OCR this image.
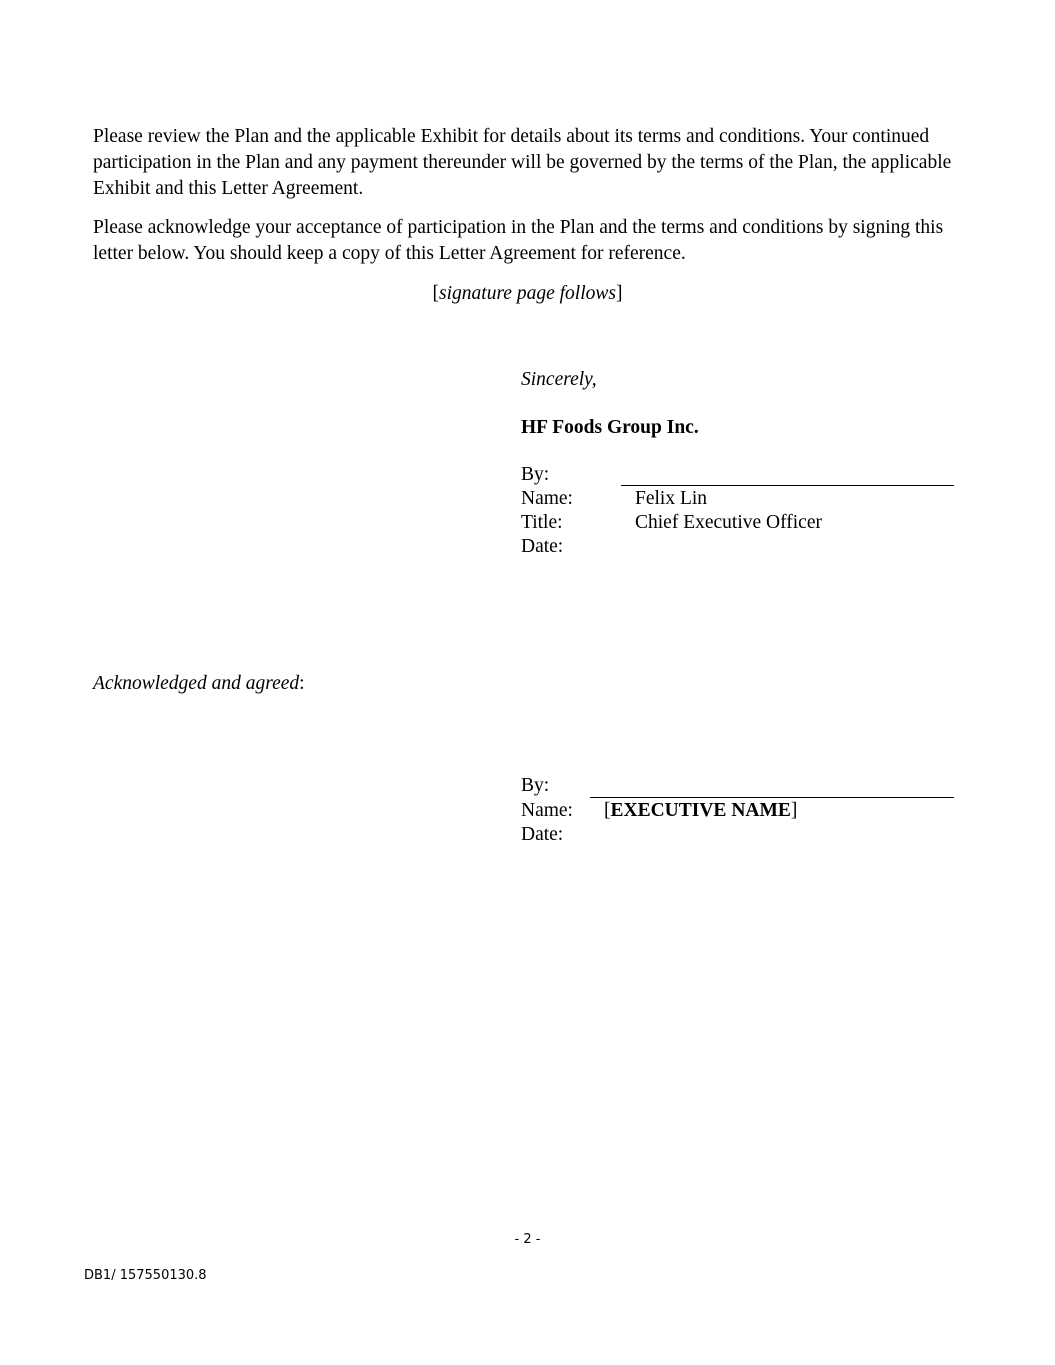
Please review the Plan and the applicable Exhibit for details about its terms and conditions. Your continued participation in the Plan and any payment thereunder will be governed by the terms of the Plan, the applicable Exhibit and this Letter Agreement.

Please acknowledge your acceptance of participation in the Plan and the terms and conditions by signing this letter below. You should keep a copy of this Letter Agreement for reference.

[signature page follows]
Sincerely,
HF Foods Group Inc.
By:
Name:	Felix Lin
Title:	Chief Executive Officer
Date:
Acknowledged and agreed:
By:
Name: [EXECUTIVE NAME]
Date:
- 2 -
DB1/ 157550130.8
